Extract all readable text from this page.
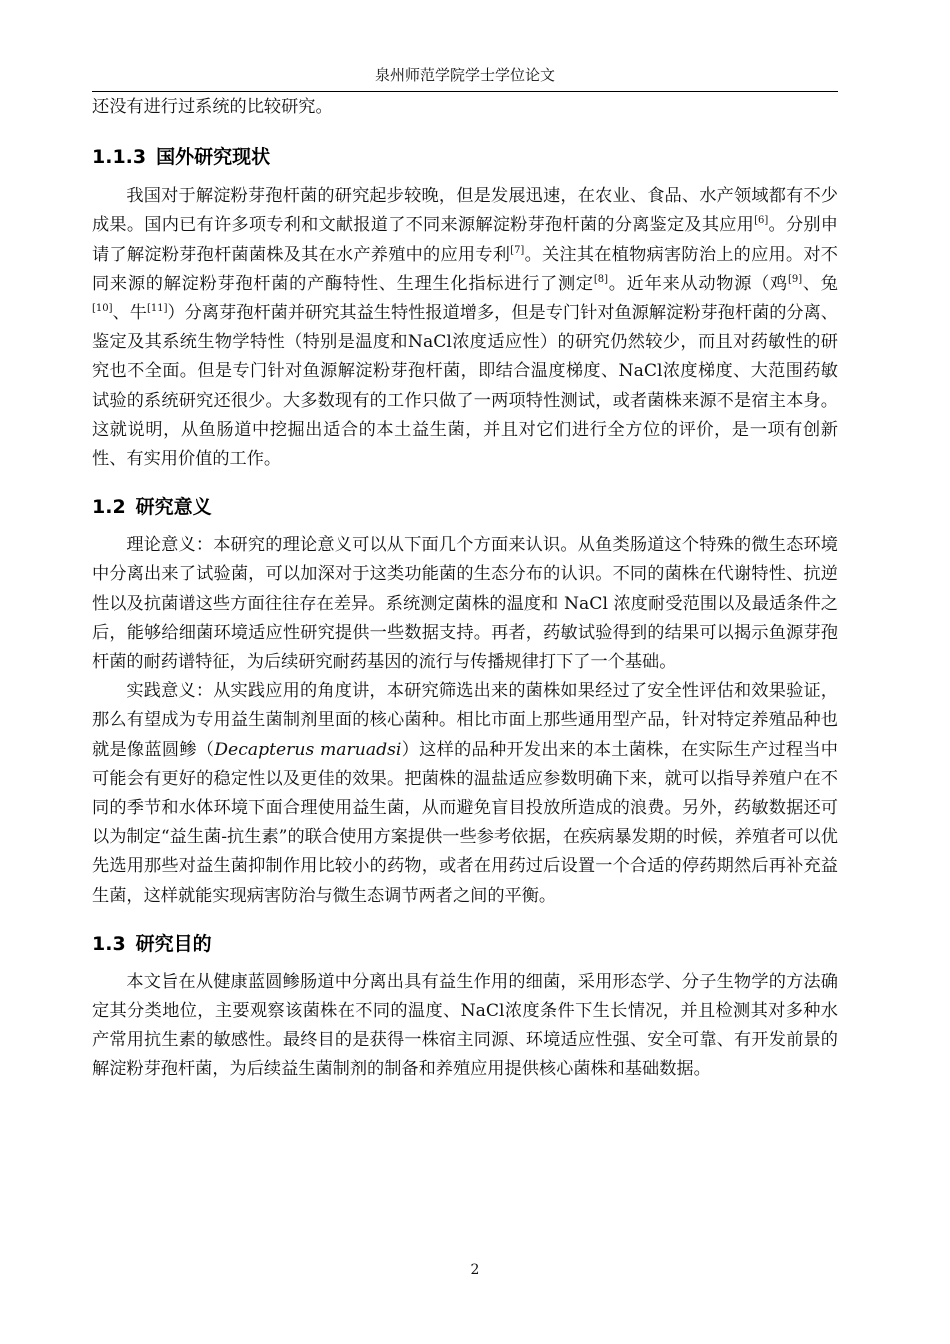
泉州师范学院学士学位论文

还没有进行过系统的比较研究。

1.1.3 国外研究现状

我国对于解淀粉芽孢杆菌的研究起步较晚，但是发展迅速，在农业、食品、水产领域都有不少成果。国内已有许多项专利和文献报道了不同来源解淀粉芽孢杆菌的分离鉴定及其应用[6]。分别申请了解淀粉芽孢杆菌菌株及其在水产养殖中的应用专利[7]。关注其在植物病害防治上的应用。对不同来源的解淀粉芽孢杆菌的产酶特性、生理生化指标进行了测定[8]。近年来从动物源（鸡[9]、兔[10]、牛[11]）分离芽孢杆菌并研究其益生特性报道增多，但是专门针对鱼源解淀粉芽孢杆菌的分离、鉴定及其系统生物学特性（特别是温度和NaCl浓度适应性）的研究仍然较少，而且对药敏性的研究也不全面。但是专门针对鱼源解淀粉芽孢杆菌，即结合温度梯度、NaCl浓度梯度、大范围药敏试验的系统研究还很少。大多数现有的工作只做了一两项特性测试，或者菌株来源不是宿主本身。这就说明，从鱼肠道中挖掘出适合的本土益生菌，并且对它们进行全方位的评价，是一项有创新性、有实用价值的工作。

1.2 研究意义

理论意义：本研究的理论意义可以从下面几个方面来认识。从鱼类肠道这个特殊的微生态环境中分离出来了试验菌，可以加深对于这类功能菌的生态分布的认识。不同的菌株在代谢特性、抗逆性以及抗菌谱这些方面往往存在差异。系统测定菌株的温度和 NaCl 浓度耐受范围以及最适条件之后，能够给细菌环境适应性研究提供一些数据支持。再者，药敏试验得到的结果可以揭示鱼源芽孢杆菌的耐药谱特征，为后续研究耐药基因的流行与传播规律打下了一个基础。

实践意义：从实践应用的角度讲，本研究筛选出来的菌株如果经过了安全性评估和效果验证，那么有望成为专用益生菌制剂里面的核心菌种。相比市面上那些通用型产品，针对特定养殖品种也就是像蓝圆鲹（Decapterus maruadsi）这样的品种开发出来的本土菌株，在实际生产过程当中可能会有更好的稳定性以及更佳的效果。把菌株的温盐适应参数明确下来，就可以指导养殖户在不同的季节和水体环境下面合理使用益生菌，从而避免盲目投放所造成的浪费。另外，药敏数据还可以为制定“益生菌-抗生素”的联合使用方案提供一些参考依据，在疾病暴发期的时候，养殖者可以优先选用那些对益生菌抑制作用比较小的药物，或者在用药过后设置一个合适的停药期然后再补充益生菌，这样就能实现病害防治与微生态调节两者之间的平衡。

1.3 研究目的

本文旨在从健康蓝圆鲹肠道中分离出具有益生作用的细菌，采用形态学、分子生物学的方法确定其分类地位，主要观察该菌株在不同的温度、NaCl浓度条件下生长情况，并且检测其对多种水产常用抗生素的敏感性。最终目的是获得一株宿主同源、环境适应性强、安全可靠、有开发前景的解淀粉芽孢杆菌，为后续益生菌制剂的制备和养殖应用提供核心菌株和基础数据。

2
